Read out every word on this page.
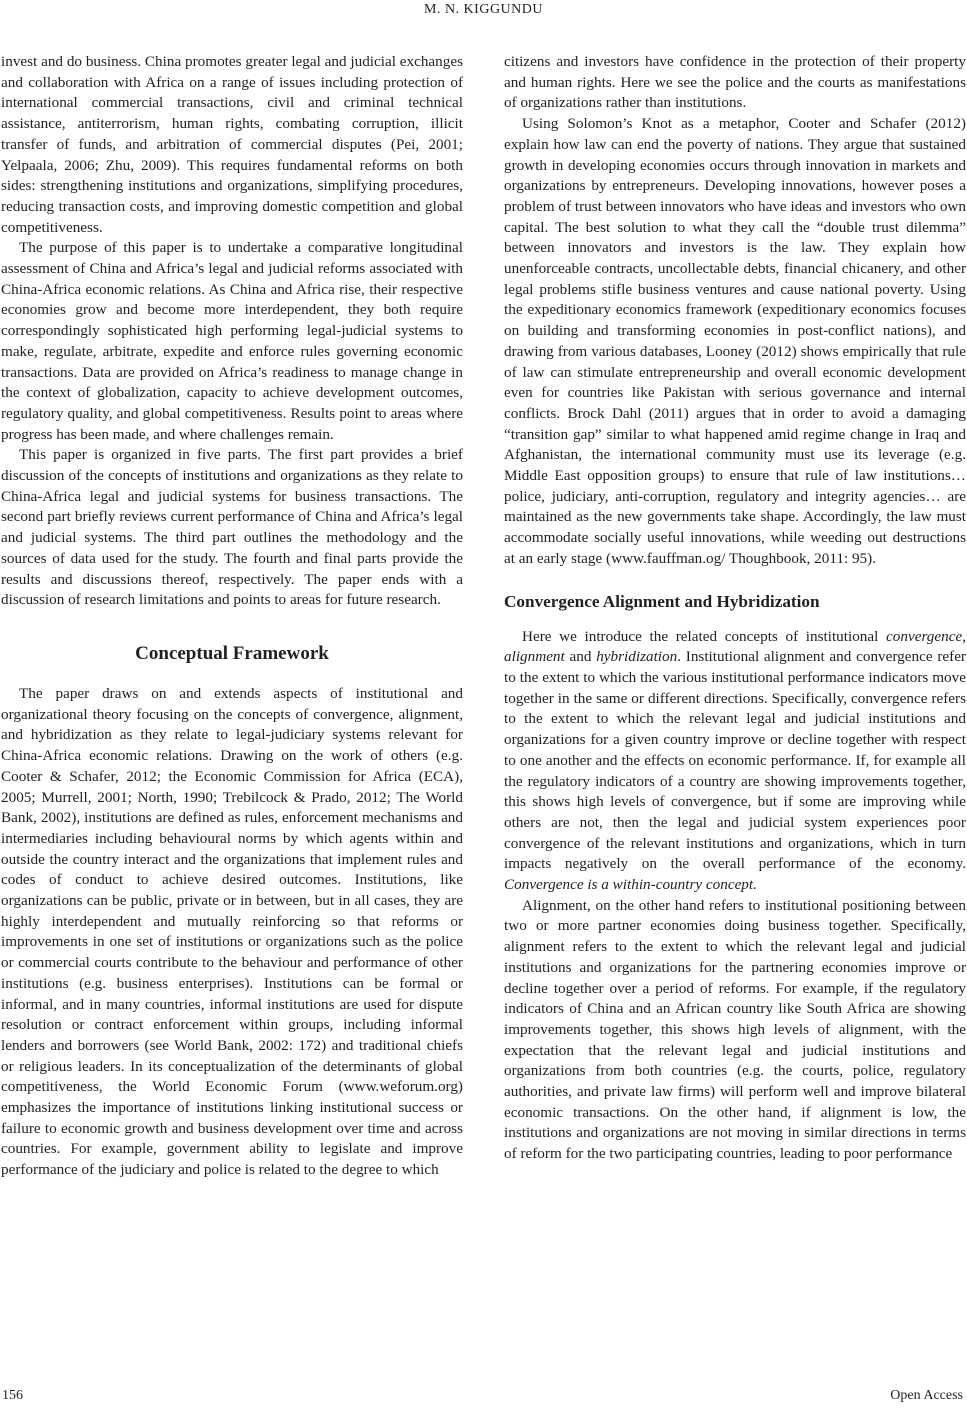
M. N. KIGGUNDU

invest and do business. China promotes greater legal and judicial exchanges and collaboration with Africa on a range of issues including protection of international commercial transactions, civil and criminal technical assistance, antiterrorism, human rights, combating corruption, illicit transfer of funds, and arbitration of commercial disputes (Pei, 2001; Yelpaala, 2006; Zhu, 2009). This requires fundamental reforms on both sides: strengthening institutions and organizations, simplifying procedures, reducing transaction costs, and improving domestic competition and global competitiveness.

The purpose of this paper is to undertake a comparative longitudinal assessment of China and Africa’s legal and judicial reforms associated with China-Africa economic relations. As China and Africa rise, their respective economies grow and become more interdependent, they both require correspondingly sophisticated high performing legal-judicial systems to make, regulate, arbitrate, expedite and enforce rules governing economic transactions. Data are provided on Africa’s readiness to manage change in the context of globalization, capacity to achieve development outcomes, regulatory quality, and global competitiveness. Results point to areas where progress has been made, and where challenges remain.

This paper is organized in five parts. The first part provides a brief discussion of the concepts of institutions and organizations as they relate to China-Africa legal and judicial systems for business transactions. The second part briefly reviews current performance of China and Africa’s legal and judicial systems. The third part outlines the methodology and the sources of data used for the study. The fourth and final parts provide the results and discussions thereof, respectively. The paper ends with a discussion of research limitations and points to areas for future research.

Conceptual Framework

The paper draws on and extends aspects of institutional and organizational theory focusing on the concepts of convergence, alignment, and hybridization as they relate to legal-judiciary systems relevant for China-Africa economic relations. Drawing on the work of others (e.g. Cooter & Schafer, 2012; the Economic Commission for Africa (ECA), 2005; Murrell, 2001; North, 1990; Trebilcock & Prado, 2012; The World Bank, 2002), institutions are defined as rules, enforcement mechanisms and intermediaries including behavioural norms by which agents within and outside the country interact and the organizations that implement rules and codes of conduct to achieve desired outcomes. Institutions, like organizations can be public, private or in between, but in all cases, they are highly interdependent and mutually reinforcing so that reforms or improvements in one set of institutions or organizations such as the police or commercial courts contribute to the behaviour and performance of other institutions (e.g. business enterprises). Institutions can be formal or informal, and in many countries, informal institutions are used for dispute resolution or contract enforcement within groups, including informal lenders and borrowers (see World Bank, 2002: 172) and traditional chiefs or religious leaders. In its conceptualization of the determinants of global competitiveness, the World Economic Forum (www.weforum.org) emphasizes the importance of institutions linking institutional success or failure to economic growth and business development over time and across countries. For example, government ability to legislate and improve performance of the judiciary and police is related to the degree to which

citizens and investors have confidence in the protection of their property and human rights. Here we see the police and the courts as manifestations of organizations rather than institutions.

Using Solomon’s Knot as a metaphor, Cooter and Schafer (2012) explain how law can end the poverty of nations. They argue that sustained growth in developing economies occurs through innovation in markets and organizations by entrepreneurs. Developing innovations, however poses a problem of trust between innovators who have ideas and investors who own capital. The best solution to what they call the “double trust dilemma” between innovators and investors is the law. They explain how unenforceable contracts, uncollectable debts, financial chicanery, and other legal problems stifle business ventures and cause national poverty. Using the expeditionary economics framework (expeditionary economics focuses on building and transforming economies in post-conflict nations), and drawing from various databases, Looney (2012) shows empirically that rule of law can stimulate entrepreneurship and overall economic development even for countries like Pakistan with serious governance and internal conflicts. Brock Dahl (2011) argues that in order to avoid a damaging “transition gap” similar to what happened amid regime change in Iraq and Afghanistan, the international community must use its leverage (e.g. Middle East opposition groups) to ensure that rule of law institutions… police, judiciary, anti-corruption, regulatory and integrity agencies… are maintained as the new governments take shape. Accordingly, the law must accommodate socially useful innovations, while weeding out destructions at an early stage (www.fauffman.og/ Thoughbook, 2011: 95).

Convergence Alignment and Hybridization

Here we introduce the related concepts of institutional convergence, alignment and hybridization. Institutional alignment and convergence refer to the extent to which the various institutional performance indicators move together in the same or different directions. Specifically, convergence refers to the extent to which the relevant legal and judicial institutions and organizations for a given country improve or decline together with respect to one another and the effects on economic performance. If, for example all the regulatory indicators of a country are showing improvements together, this shows high levels of convergence, but if some are improving while others are not, then the legal and judicial system experiences poor convergence of the relevant institutions and organizations, which in turn impacts negatively on the overall performance of the economy. Convergence is a within-country concept.

Alignment, on the other hand refers to institutional positioning between two or more partner economies doing business together. Specifically, alignment refers to the extent to which the relevant legal and judicial institutions and organizations for the partnering economies improve or decline together over a period of reforms. For example, if the regulatory indicators of China and an African country like South Africa are showing improvements together, this shows high levels of alignment, with the expectation that the relevant legal and judicial institutions and organizations from both countries (e.g. the courts, police, regulatory authorities, and private law firms) will perform well and improve bilateral economic transactions. On the other hand, if alignment is low, the institutions and organizations are not moving in similar directions in terms of reform for the two participating countries, leading to poor performance

156	Open Access
